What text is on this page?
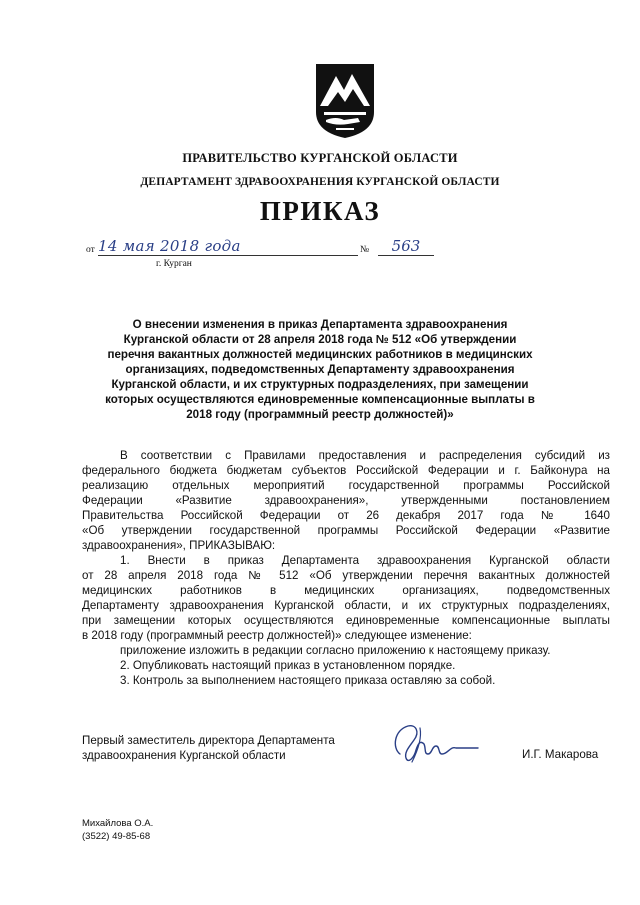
ПРАВИТЕЛЬСТВО КУРГАНСКОЙ ОБЛАСТИ
ДЕПАРТАМЕНТ ЗДРАВООХРАНЕНИЯ КУРГАНСКОЙ ОБЛАСТИ
ПРИКАЗ
от 14 мая 2018 года	№	563
г. Курган
О внесении изменения в приказ Департамента здравоохранения Курганской области от 28 апреля 2018 года № 512 «Об утверждении перечня вакантных должностей медицинских работников в медицинских организациях, подведомственных Департаменту здравоохранения Курганской области, и их структурных подразделениях, при замещении которых осуществляются единовременные компенсационные выплаты в 2018 году (программный реестр должностей)»

В соответствии с Правилами предоставления и распределения субсидий из

федерального бюджета бюджетам субъектов Российской Федерации и г. Байконура на

реализацию отдельных мероприятий государственной программы Российской

Федерации «Развитие здравоохранения», утвержденными постановлением

Правительства Российской Федерации от 26 декабря 2017 года № 1640

«Об утверждении государственной программы Российской Федерации «Развитие

здравоохранения», ПРИКАЗЫВАЮ:

1. Внести в приказ Департамента здравоохранения Курганской области

от 28 апреля 2018 года № 512 «Об утверждении перечня вакантных должностей

медицинских работников в медицинских организациях, подведомственных

Департаменту здравоохранения Курганской области, и их структурных подразделениях,

при замещении которых осуществляются единовременные компенсационные выплаты

в 2018 году (программный реестр должностей)» следующее изменение:

приложение изложить в редакции согласно приложению к настоящему приказу.

2. Опубликовать настоящий приказ в установленном порядке.

3. Контроль за выполнением настоящего приказа оставляю за собой.

Первый заместитель директора Департамента
здравоохранения Курганской области	И.Г. Макарова
Михайлова О.А.
(3522) 49-85-68
